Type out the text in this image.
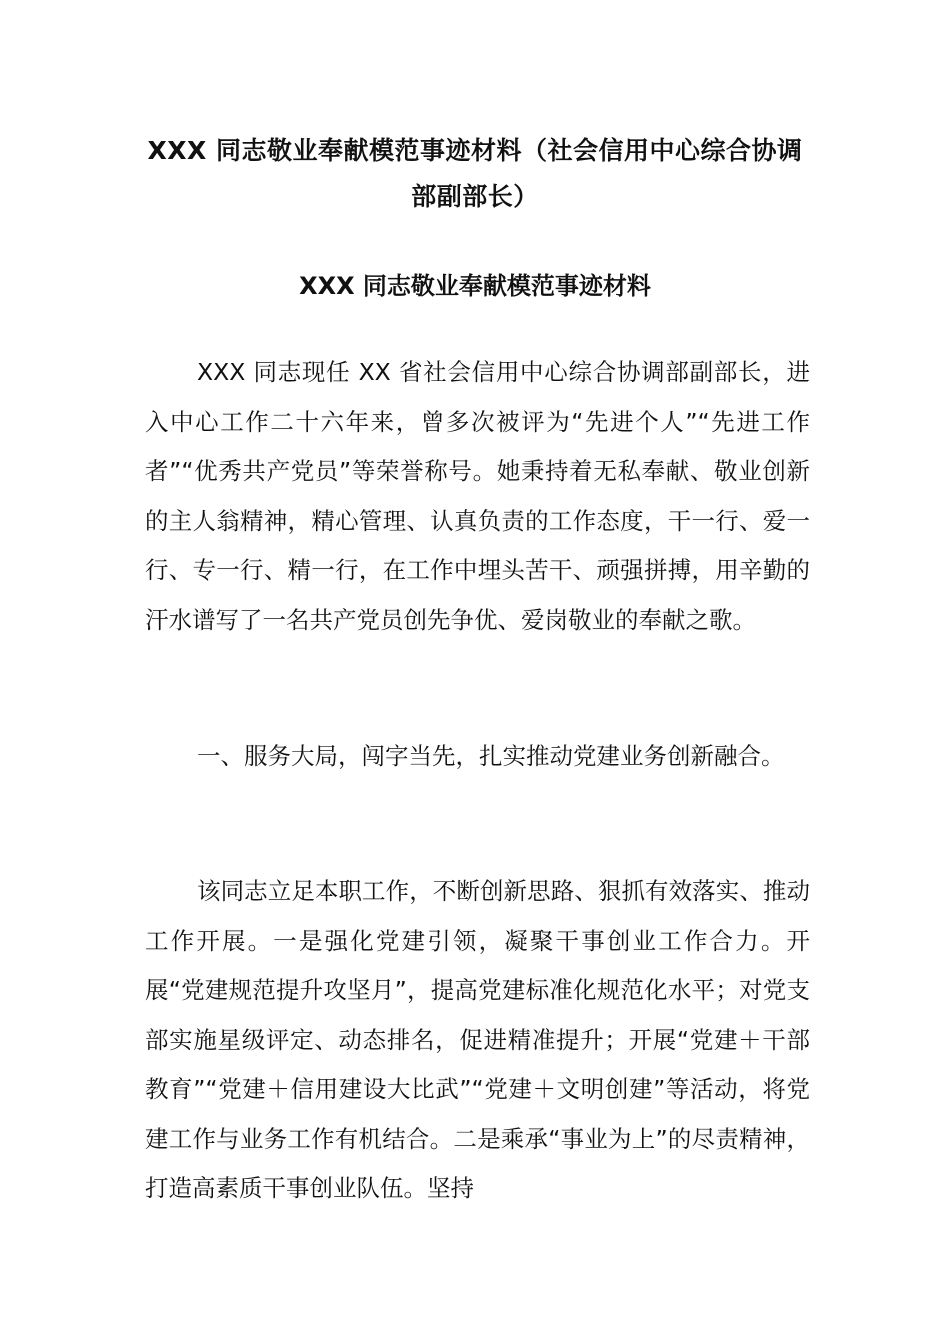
XXX 同志敬业奉献模范事迹材料（社会信用中心综合协调部副部长）
XXX 同志敬业奉献模范事迹材料

XXX 同志现任 XX 省社会信用中心综合协调部副部长，进入中心工作二十六年来，曾多次被评为“先进个人”“先进工作者”“优秀共产党员”等荣誉称号。她秉持着无私奉献、敬业创新的主人翁精神，精心管理、认真负责的工作态度，干一行、爱一行、专一行、精一行，在工作中埋头苦干、顽强拼搏，用辛勤的汗水谱写了一名共产党员创先争优、爱岗敬业的奉献之歌。

一、服务大局，闯字当先，扎实推动党建业务创新融合。

该同志立足本职工作，不断创新思路、狠抓有效落实、推动工作开展。一是强化党建引领，凝聚干事创业工作合力。开展“党建规范提升攻坚月”，提高党建标准化规范化水平；对党支部实施星级评定、动态排名，促进精准提升；开展“党建＋干部教育”“党建＋信用建设大比武”“党建＋文明创建”等活动，将党建工作与业务工作有机结合。二是乘承“事业为上”的尽责精神，打造高素质干事创业队伍。坚持
